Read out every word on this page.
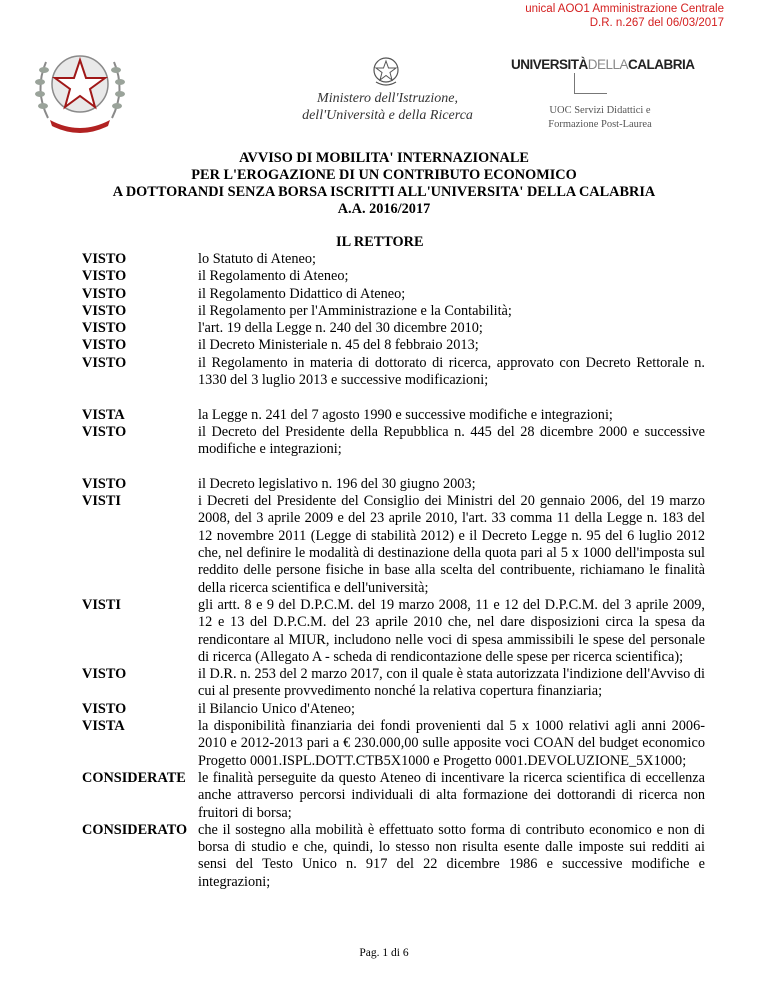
unical AOO1 Amministrazione Centrale
D.R. n.267 del 06/03/2017
Ministero dell'Istruzione,
dell'Università e della Ricerca
UNIVERSITÀDELLACALABRIA
UOC Servizi Didattici e
Formazione Post-Laurea
AVVISO DI MOBILITA' INTERNAZIONALE
PER L'EROGAZIONE DI UN CONTRIBUTO ECONOMICO
A DOTTORANDI SENZA BORSA ISCRITTI ALL'UNIVERSITA' DELLA CALABRIA
A.A. 2016/2017
IL RETTORE
VISTO	lo Statuto di Ateneo;
VISTO	il Regolamento di Ateneo;
VISTO	il Regolamento Didattico di Ateneo;
VISTO	il Regolamento per l'Amministrazione e la Contabilità;
VISTO	l'art. 19 della Legge n. 240 del 30 dicembre 2010;
VISTO	il Decreto Ministeriale n. 45 del 8 febbraio 2013;
VISTO	il Regolamento in materia di dottorato di ricerca, approvato con Decreto Rettorale n. 1330 del 3 luglio 2013 e successive modificazioni;
VISTA	la Legge n. 241 del 7 agosto 1990 e successive modifiche e integrazioni;
VISTO	il Decreto del Presidente della Repubblica n. 445 del 28 dicembre 2000 e successive modifiche e integrazioni;
VISTO	il Decreto legislativo n. 196 del 30 giugno 2003;
VISTI	i Decreti del Presidente del Consiglio dei Ministri del 20 gennaio 2006, del 19 marzo 2008, del 3 aprile 2009 e del 23 aprile 2010, l'art. 33 comma 11 della Legge n. 183 del 12 novembre 2011 (Legge di stabilità 2012) e il Decreto Legge n. 95 del 6 luglio 2012 che, nel definire le modalità di destinazione della quota pari al 5 x 1000 dell'imposta sul reddito delle persone fisiche in base alla scelta del contribuente, richiamano le finalità della ricerca scientifica e dell'università;
VISTI	gli artt. 8 e 9 del D.P.C.M. del 19 marzo 2008, 11 e 12 del D.P.C.M. del 3 aprile 2009, 12 e 13 del D.P.C.M. del 23 aprile 2010 che, nel dare disposizioni circa la spesa da rendicontare al MIUR, includono nelle voci di spesa ammissibili le spese del personale di ricerca (Allegato A - scheda di rendicontazione delle spese per ricerca scientifica);
VISTO	il D.R. n. 253 del 2 marzo 2017, con il quale è stata autorizzata l'indizione dell'Avviso di cui al presente provvedimento nonché la relativa copertura finanziaria;
VISTO	il Bilancio Unico d'Ateneo;
VISTA	la disponibilità finanziaria dei fondi provenienti dal 5 x 1000 relativi agli anni 2006-2010 e 2012-2013 pari a € 230.000,00 sulle apposite voci COAN del budget economico Progetto 0001.ISPL.DOTT.CTB5X1000 e Progetto 0001.DEVOLUZIONE_5X1000;
CONSIDERATE le finalità perseguite da questo Ateneo di incentivare la ricerca scientifica di eccellenza anche attraverso percorsi individuali di alta formazione dei dottorandi di ricerca non fruitori di borsa;
CONSIDERATO che il sostegno alla mobilità è effettuato sotto forma di contributo economico e non di borsa di studio e che, quindi, lo stesso non risulta esente dalle imposte sui redditi ai sensi del Testo Unico n. 917 del 22 dicembre 1986 e successive modifiche e integrazioni;
Pag. 1 di 6
